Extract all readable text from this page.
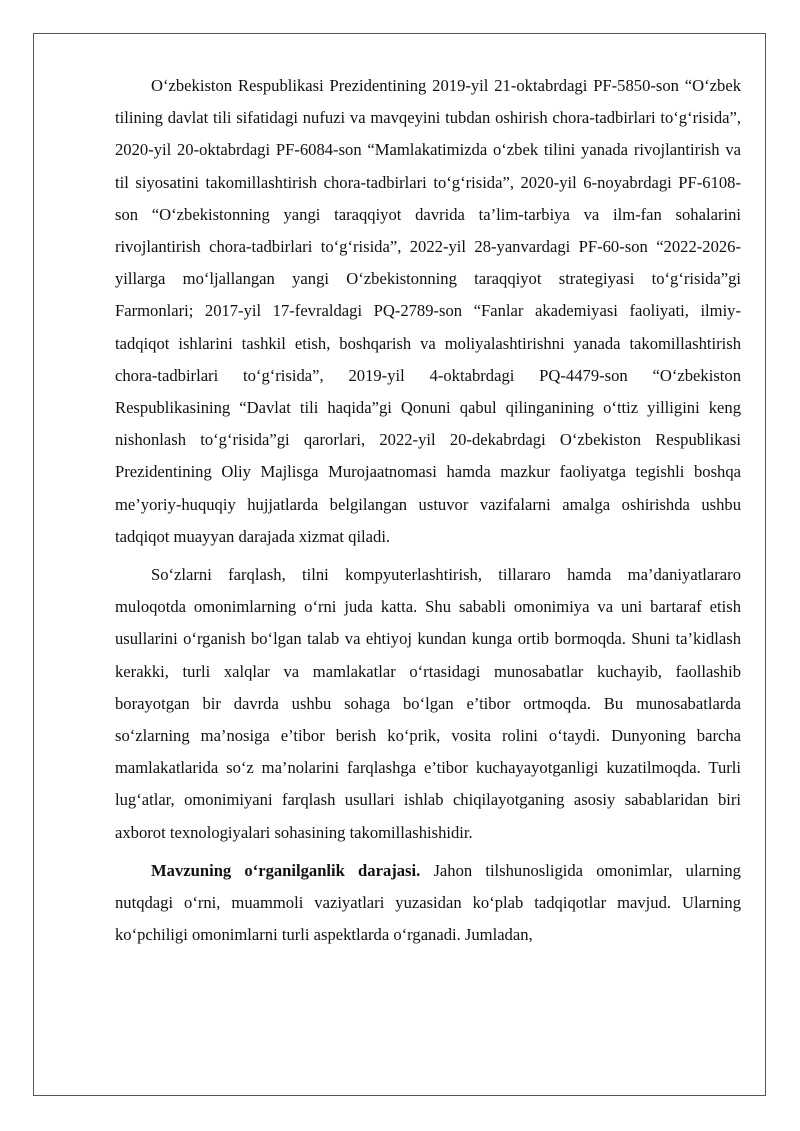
O‘zbekiston Respublikasi Prezidentining 2019-yil 21-oktabrdagi PF-5850-son “O‘zbek tilining davlat tili sifatidagi nufuzi va mavqeyini tubdan oshirish chora-tadbirlari to‘g‘risida”, 2020-yil 20-oktabrdagi PF-6084-son “Mamlakatimizda o‘zbek tilini yanada rivojlantirish va til siyosatini takomillashtirish chora-tadbirlari to‘g‘risida”, 2020-yil 6-noyabrdagi PF-6108-son “O‘zbekistonning yangi taraqqiyot davrida ta’lim-tarbiya va ilm-fan sohalarini rivojlantirish chora-tadbirlari to‘g‘risida”, 2022-yil 28-yanvardagi PF-60-son “2022-2026-yillarga mo‘ljallangan yangi O‘zbekistonning taraqqiyot strategiyasi to‘g‘risida”gi Farmonlari; 2017-yil 17-fevraldagi PQ-2789-son “Fanlar akademiyasi faoliyati, ilmiy-tadqiqot ishlarini tashkil etish, boshqarish va moliyalashtirishni yanada takomillashtirish chora-tadbirlari to‘g‘risida”, 2019-yil 4-oktabrdagi PQ-4479-son “O‘zbekiston Respublikasining “Davlat tili haqida”gi Qonuni qabul qilinganining o‘ttiz yilligini keng nishonlash to‘g‘risida”gi qarorlari, 2022-yil 20-dekabrdagi O‘zbekiston Respublikasi Prezidentining Oliy Majlisga Murojaatnomasi hamda mazkur faoliyatga tegishli boshqa me’yoriy-huquqiy hujjatlarda belgilangan ustuvor vazifalarni amalga oshirishda ushbu tadqiqot muayyan darajada xizmat qiladi.

So‘zlarni farqlash, tilni kompyuterlashtirish, tillararo hamda ma’daniyatlararo muloqotda omonimlarning o‘rni juda katta. Shu sababli omonimiya va uni bartaraf etish usullarini o‘rganish bo‘lgan talab va ehtiyoj kundan kunga ortib bormoqda. Shuni ta’kidlash kerakki, turli xalqlar va mamlakatlar o‘rtasidagi munosabatlar kuchayib, faollashib borayotgan bir davrda ushbu sohaga bo‘lgan e’tibor ortmoqda. Bu munosabatlarda so‘zlarning ma’nosiga e’tibor berish ko‘prik, vosita rolini o‘taydi. Dunyoning barcha mamlakatlarida so‘z ma’nolarini farqlashga e’tibor kuchayayotganligi kuzatilmoqda. Turli lug‘atlar, omonimiyani farqlash usullari ishlab chiqilayotganing asosiy sabablaridan biri axborot texnologiyalari sohasining takomillashishidir.

Mavzuning o‘rganilganlik darajasi. Jahon tilshunosligida omonimlar, ularning nutqdagi o‘rni, muammoli vaziyatlari yuzasidan ko‘plab tadqiqotlar mavjud. Ularning ko‘pchiligi omonimlarni turli aspektlarda o‘rganadi. Jumladan,
